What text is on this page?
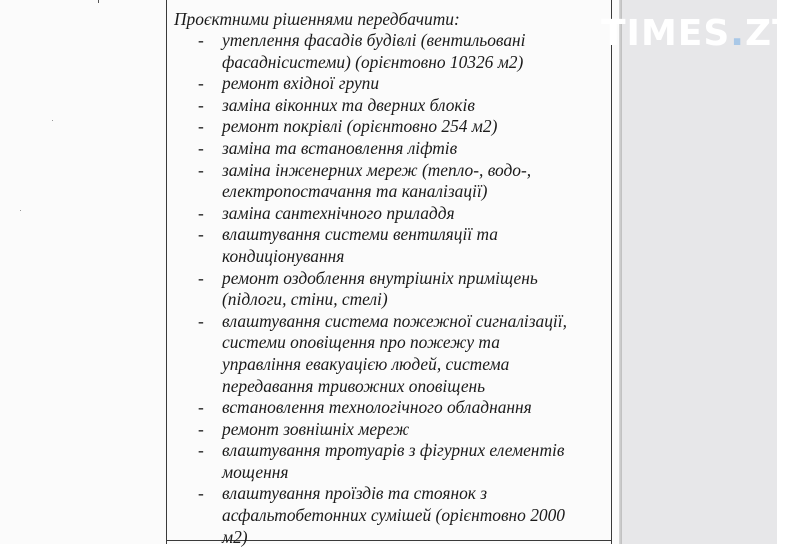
TIMES.ZT
Проєктними рішеннями передбачити:
- утеплення фасадів будівлі (вентильовані
фасаднісистеми) (орієнтовно 10326 м2)
- ремонт вхідної групи
- заміна віконних та дверних блоків
- ремонт покрівлі (орієнтовно 254 м2)
- заміна та встановлення ліфтів
- заміна інженерних мереж (тепло-, водо-,
електропостачання та каналізації)
- заміна сантехнічного приладдя
- влаштування системи вентиляції та
кондиціонування
- ремонт оздоблення внутрішніх приміщень
(підлоги, стіни, стелі)
- влаштування система пожежної сигналізації,
системи оповіщення про пожежу та
управління евакуацією людей, система
передавання тривожних оповіщень
- встановлення технологічного обладнання
- ремонт зовнішніх мереж
- влаштування тротуарів з фігурних елементів
мощення
- влаштування проїздів та стоянок з
асфальтобетонних сумішей (орієнтовно 2000
м2)
